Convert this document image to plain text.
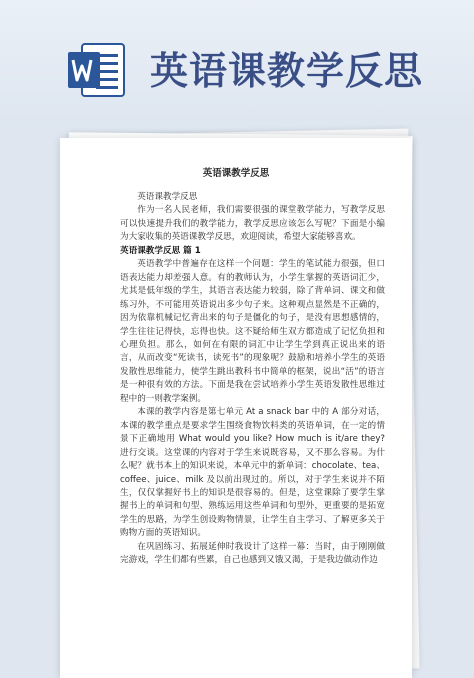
英语课教学反思
英语课教学反思

英语课教学反思

作为一名人民老师，我们需要很强的课堂教学能力，写教学反思可以快速提升我们的教学能力，教学反思应该怎么写呢？下面是小编为大家收集的英语课教学反思，欢迎阅读，希望大家能够喜欢。

英语课教学反思 篇 1

英语教学中普遍存在这样一个问题：学生的笔试能力很强，但口语表达能力却差强人意。有的教师认为，小学生掌握的英语词汇少，尤其是低年级的学生，其语言表达能力较弱，除了背单词、课文和做练习外，不可能用英语说出多少句子来。这种观点显然是不正确的，因为依靠机械记忆背出来的句子是僵化的句子，是没有思想感情的，学生往往记得快，忘得也快。这不疑给师生双方都造成了记忆负担和心理负担。那么，如何在有限的词汇中让学生学到真正说出来的语言，从而改变“死读书，读死书”的现象呢？鼓励和培养小学生的英语发散性思维能力，使学生跳出教科书中简单的框架，说出“活”的语言是一种很有效的方法。下面是我在尝试培养小学生英语发散性思维过程中的一则教学案例。

本课的教学内容是第七单元 At a snack bar 中的 A 部分对话，本课的教学重点是要求学生围绕食物饮料类的英语单词，在一定的情景下正确地用 What would you like? How much is it/are they? 进行交谈。这堂课的内容对于学生来说既容易，又不那么容易。为什么呢？就书本上的知识来说，本单元中的新单词：chocolate、tea、coffee、juice、milk 及以前出现过的。所以，对于学生来说并不陌生，仅仅掌握好书上的知识是很容易的。但是，这堂课除了要学生掌握书上的单词和句型、熟练运用这些单词和句型外，更重要的是拓宽学生的思路，为学生创设购物情景，让学生自主学习、了解更多关于购物方面的英语知识。

在巩固练习、拓展延伸时我设计了这样一幕：当时，由于刚刚做完游戏，学生们都有些累，自己也感到又饿又渴，于是我边做动作边
